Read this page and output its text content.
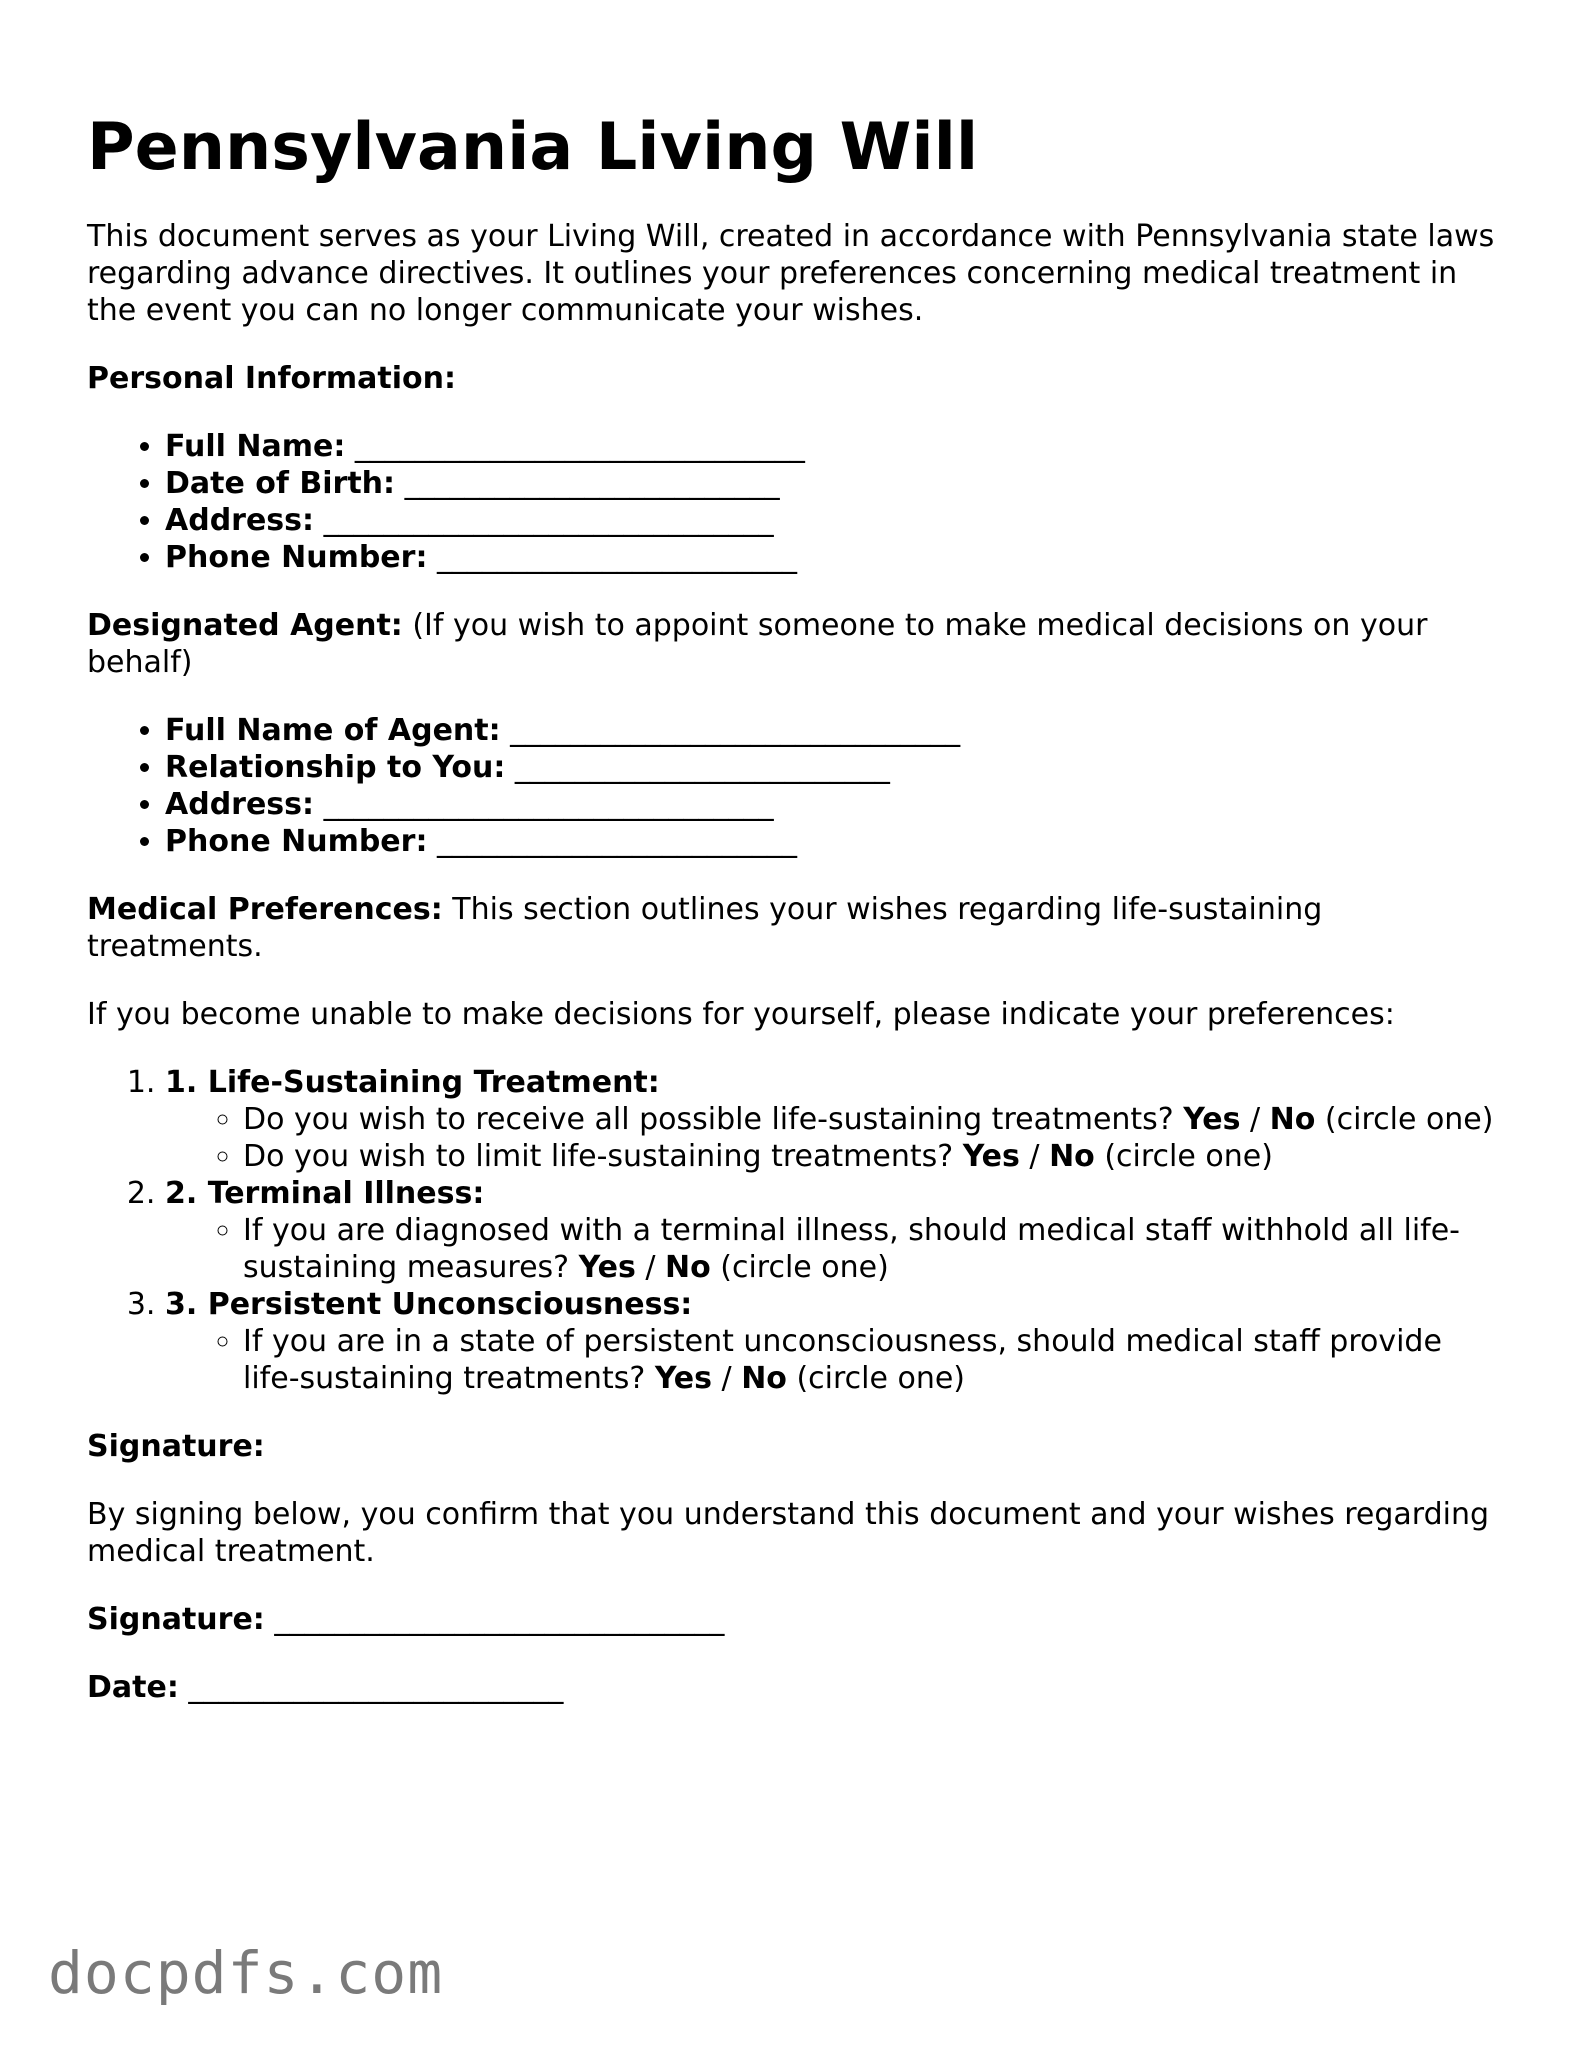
Pennsylvania Living Will

This document serves as your Living Will, created in accordance with Pennsylvania state laws regarding advance directives. It outlines your preferences concerning medical treatment in the event you can no longer communicate your wishes.

Personal Information:

• Full Name: ______________________________
• Date of Birth: _________________________
• Address: ______________________________
• Phone Number: ________________________

Designated Agent: (If you wish to appoint someone to make medical decisions on your behalf)

• Full Name of Agent: ______________________________
• Relationship to You: _________________________
• Address: ______________________________
• Phone Number: ________________________

Medical Preferences: This section outlines your wishes regarding life-sustaining treatments.

If you become unable to make decisions for yourself, please indicate your preferences:

1. 1. Life-Sustaining Treatment:
◦ Do you wish to receive all possible life-sustaining treatments? Yes / No (circle one)
◦ Do you wish to limit life-sustaining treatments? Yes / No (circle one)
2. 2. Terminal Illness:
◦ If you are diagnosed with a terminal illness, should medical staff withhold all life-sustaining measures? Yes / No (circle one)
3. 3. Persistent Unconsciousness:
◦ If you are in a state of persistent unconsciousness, should medical staff provide life-sustaining treatments? Yes / No (circle one)

Signature:

By signing below, you confirm that you understand this document and your wishes regarding medical treatment.

Signature: ______________________________

Date: _________________________

docpdfs.com
